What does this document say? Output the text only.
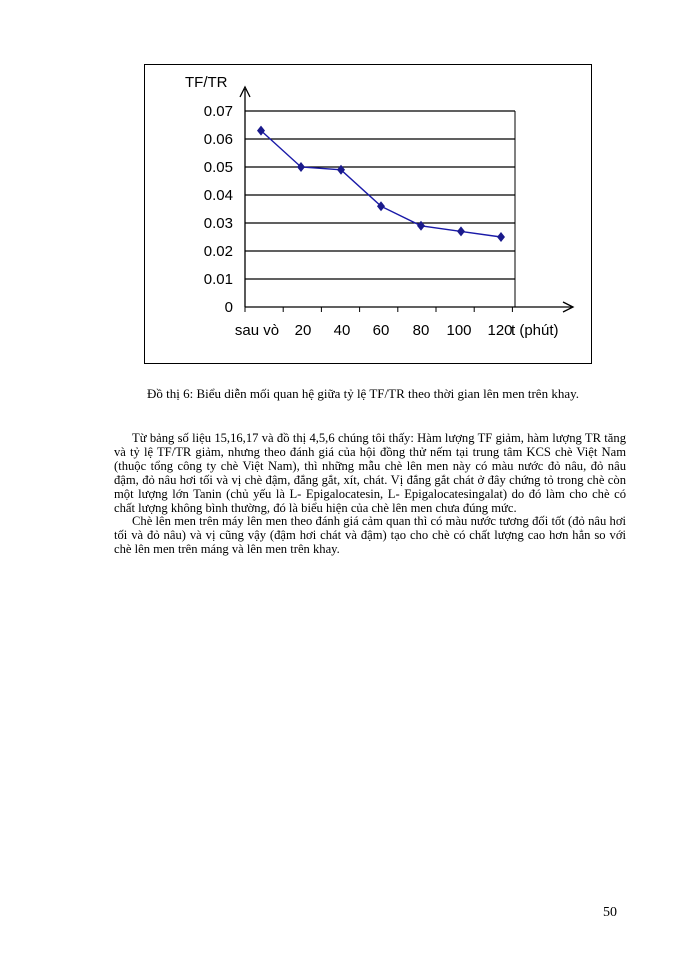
0
0.01
0.02
0.03
0.04
0.05
0.06
0.07
sau vò 20 40 60 80 100 120
TF/TR
t (phút)
Đồ thị 6: Biểu diễn mối quan hệ giữa tỷ lệ TF/TR theo thời gian lên men trên khay.

Từ bảng số liệu 15,16,17 và đồ thị 4,5,6 chúng tôi thấy: Hàm lượng TF giảm, hàm lượng TR tăng và tỷ lệ TF/TR giảm, nhưng theo đánh giá của hội đồng thử nếm tại trung tâm KCS chè Việt Nam (thuộc tổng công ty chè Việt Nam), thì những mẫu chè lên men này có màu nước đỏ nâu, đỏ nâu đậm, đỏ nâu hơi tối và vị chè đậm, đắng gắt, xít, chát. Vị đắng gắt chát ở đây chứng tỏ trong chè còn một lượng lớn Tanin (chủ yếu là L- Epigalocatesin, L- Epigalocatesingalat) do đó làm cho chè có chất lượng không bình thường, đó là biểu hiện của chè lên men chưa đúng mức.

Chè lên men trên máy lên men theo đánh giá cảm quan thì có màu nước tương đối tốt (đỏ nâu hơi tối và đỏ nâu) và vị cũng vậy (đậm hơi chát và đậm) tạo cho chè có chất lượng cao hơn hẳn so với chè lên men trên máng và lên men trên khay.

50
